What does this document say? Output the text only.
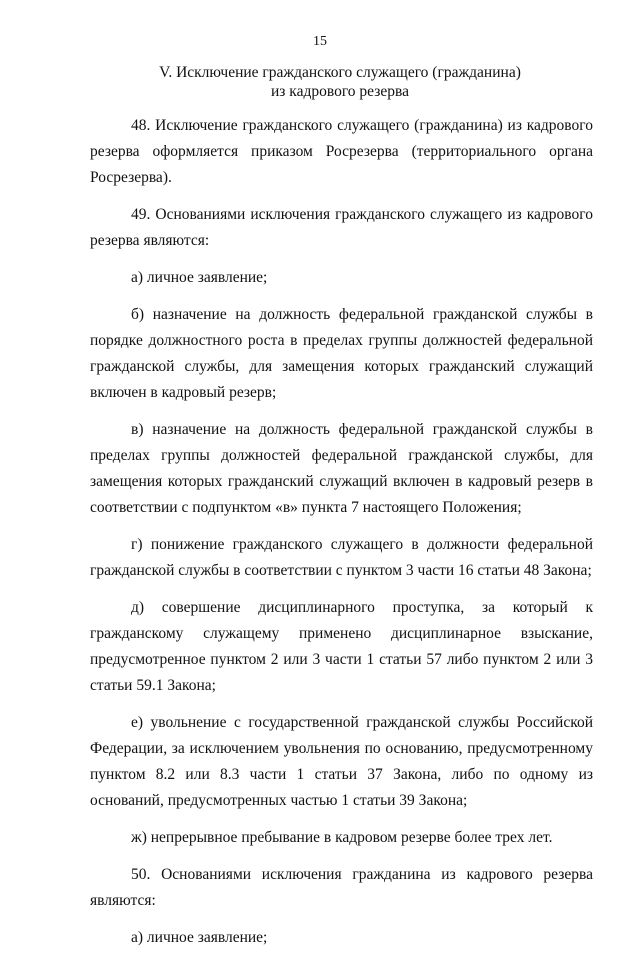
15
V. Исключение гражданского служащего (гражданина)
из кадрового резерва

48. Исключение гражданского служащего (гражданина) из кадрового резерва оформляется приказом Росрезерва (территориального органа Росрезерва).

49. Основаниями исключения гражданского служащего из кадрового резерва являются:

а) личное заявление;

б) назначение на должность федеральной гражданской службы в порядке должностного роста в пределах группы должностей федеральной гражданской службы, для замещения которых гражданский служащий включен в кадровый резерв;

в) назначение на должность федеральной гражданской службы в пределах группы должностей федеральной гражданской службы, для замещения которых гражданский служащий включен в кадровый резерв в соответствии с подпунктом «в» пункта 7 настоящего Положения;

г) понижение гражданского служащего в должности федеральной гражданской службы в соответствии с пунктом 3 части 16 статьи 48 Закона;

д) совершение дисциплинарного проступка, за который к гражданскому служащему применено дисциплинарное взыскание, предусмотренное пунктом 2 или 3 части 1 статьи 57 либо пунктом 2 или 3 статьи 59.1 Закона;

е) увольнение с государственной гражданской службы Российской Федерации, за исключением увольнения по основанию, предусмотренному пунктом 8.2 или 8.3 части 1 статьи 37 Закона, либо по одному из оснований, предусмотренных частью 1 статьи 39 Закона;

ж) непрерывное пребывание в кадровом резерве более трех лет.

50. Основаниями исключения гражданина из кадрового резерва являются:

а) личное заявление;
